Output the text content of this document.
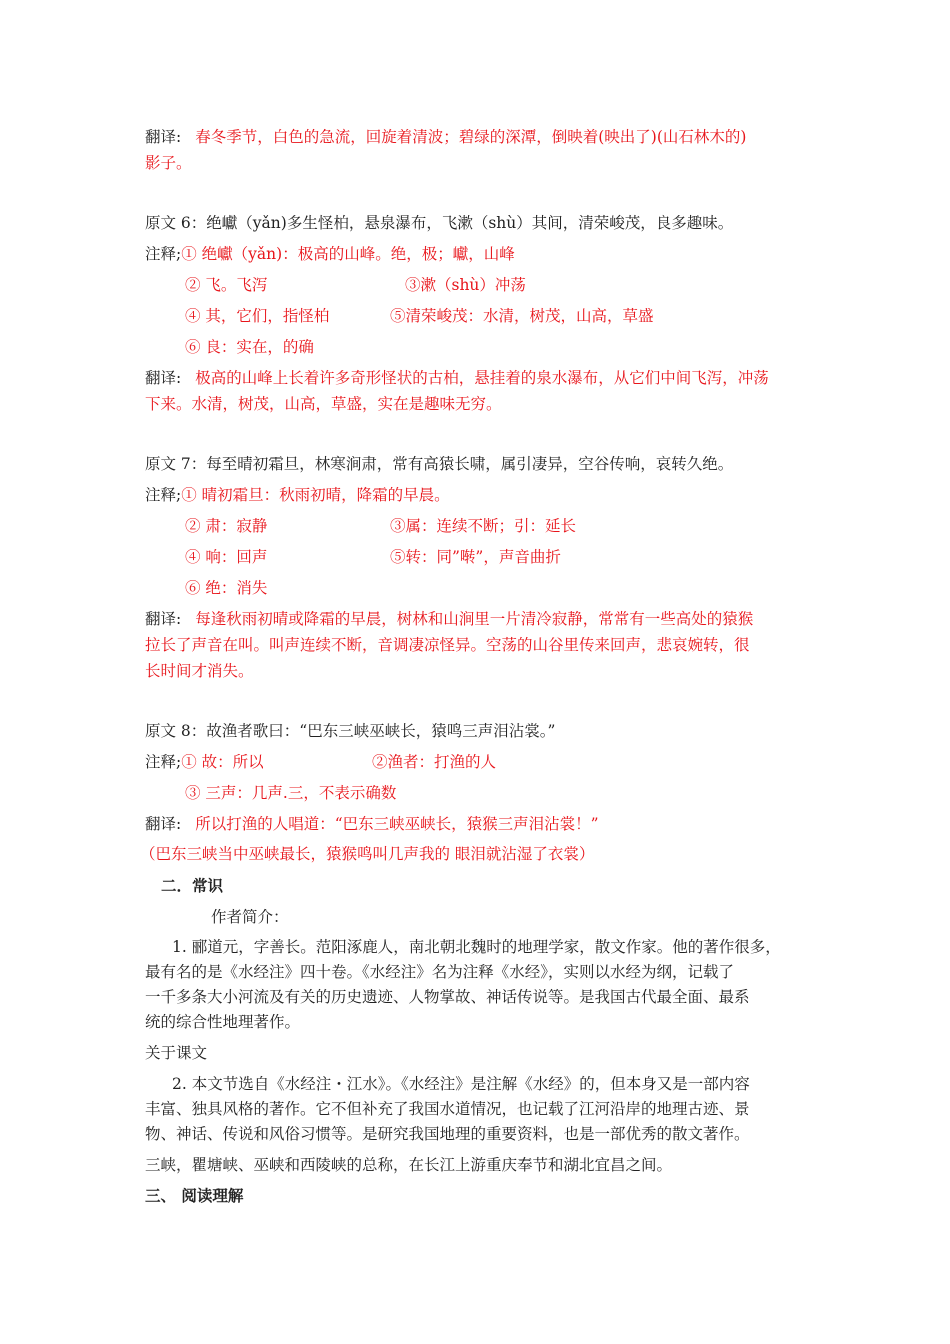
翻译: 春冬季节，白色的急流，回旋着清波；碧绿的深潭，倒映着(映出了)(山石林木的)
影子。
原文 6：绝巘（yǎn)多生怪柏，悬泉瀑布，飞漱（shù）其间，清荣峻茂，良多趣味。
注释;① 绝巘（yǎn)：极高的山峰。绝，极；巘，山峰
② 飞。飞泻	③漱（shù）冲荡
④ 其，它们，指怪柏	⑤清荣峻茂：水清，树茂，山高，草盛
⑥ 良：实在，的确
翻译: 极高的山峰上长着许多奇形怪状的古柏，悬挂着的泉水瀑布，从它们中间飞泻，冲荡
下来。水清，树茂，山高，草盛，实在是趣味无穷。
原文 7：每至晴初霜旦，林寒涧肃，常有高猿长啸，属引凄异，空谷传响，哀转久绝。
注释;① 晴初霜旦：秋雨初晴，降霜的早晨。
② 肃：寂静	③属：连续不断；引：延长
④ 响：回声	⑤转：同”啭”，声音曲折
⑥ 绝：消失
翻译: 每逢秋雨初晴或降霜的早晨，树林和山涧里一片清冷寂静，常常有一些高处的猿猴
拉长了声音在叫。叫声连续不断，音调凄凉怪异。空荡的山谷里传来回声，悲哀婉转，很
长时间才消失。
原文 8：故渔者歌曰：“巴东三峡巫峡长，猿鸣三声泪沾裳。”
注释;① 故：所以	②渔者：打渔的人
③ 三声：几声.三，不表示确数
翻译: 所以打渔的人唱道：“巴东三峡巫峡长，猿猴三声泪沾裳！”
（巴东三峡当中巫峡最长，猿猴鸣叫几声我的 眼泪就沾湿了衣裳）
二．常识
作者简介：
1. 郦道元，字善长。范阳涿鹿人，南北朝北魏时的地理学家，散文作家。他的著作很多，
最有名的是《水经注》四十卷。《水经注》名为注释《水经》，实则以水经为纲，记载了
一千多条大小河流及有关的历史遗迹、人物掌故、神话传说等。是我国古代最全面、最系
统的综合性地理著作。
关于课文
2. 本文节选自《水经注・江水》。《水经注》是注解《水经》的，但本身又是一部内容
丰富、独具风格的著作。它不但补充了我国水道情况，也记载了江河沿岸的地理古迹、景
物、神话、传说和风俗习惯等。是研究我国地理的重要资料，也是一部优秀的散文著作。
三峡，瞿塘峡、巫峡和西陵峡的总称，在长江上游重庆奉节和湖北宜昌之间。
三、 阅读理解
